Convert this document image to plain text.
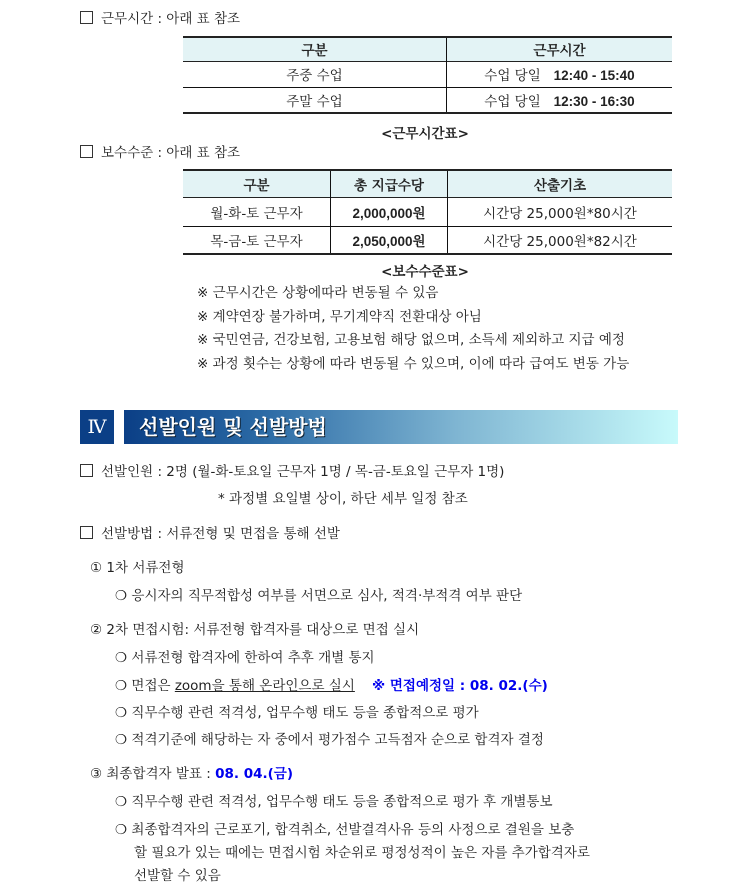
근무시간 : 아래 표 참조
구분	근무시간
주중 수업	수업 당일 12:40 - 15:40
주말 수업	수업 당일 12:30 - 16:30
<근무시간표>
보수수준 : 아래 표 참조
구분	총 지급수당	산출기초
월-화-토 근무자	2,000,000원	시간당 25,000원*80시간
목-금-토 근무자	2,050,000원	시간당 25,000원*82시간
<보수수준표>
※ 근무시간은 상황에따라 변동될 수 있음
※ 계약연장 불가하며, 무기계약직 전환대상 아님
※ 국민연금, 건강보험, 고용보험 해당 없으며, 소득세 제외하고 지급 예정
※ 과정 횟수는 상황에 따라 변동될 수 있으며, 이에 따라 급여도 변동 가능
Ⅳ	선발인원 및 선발방법
선발인원 : 2명 (월-화-토요일 근무자 1명 / 목-금-토요일 근무자 1명)
* 과정별 요일별 상이, 하단 세부 일정 참조
선발방법 : 서류전형 및 면접을 통해 선발
① 1차 서류전형
❍ 응시자의 직무적합성 여부를 서면으로 심사, 적격·부적격 여부 판단
② 2차 면접시험: 서류전형 합격자를 대상으로 면접 실시
❍ 서류전형 합격자에 한하여 추후 개별 통지
❍ 면접은 zoom을 통해 온라인으로 실시 ※ 면접예정일 : 08. 02.(수)
❍ 직무수행 관련 적격성, 업무수행 태도 등을 종합적으로 평가
❍ 적격기준에 해당하는 자 중에서 평가점수 고득점자 순으로 합격자 결정
③ 최종합격자 발표 : 08. 04.(금)
❍ 직무수행 관련 적격성, 업무수행 태도 등을 종합적으로 평가 후 개별통보
❍ 최종합격자의 근로포기, 합격취소, 선발결격사유 등의 사정으로 결원을 보충
할 필요가 있는 때에는 면접시험 차순위로 평정성적이 높은 자를 추가합격자로
선발할 수 있음
